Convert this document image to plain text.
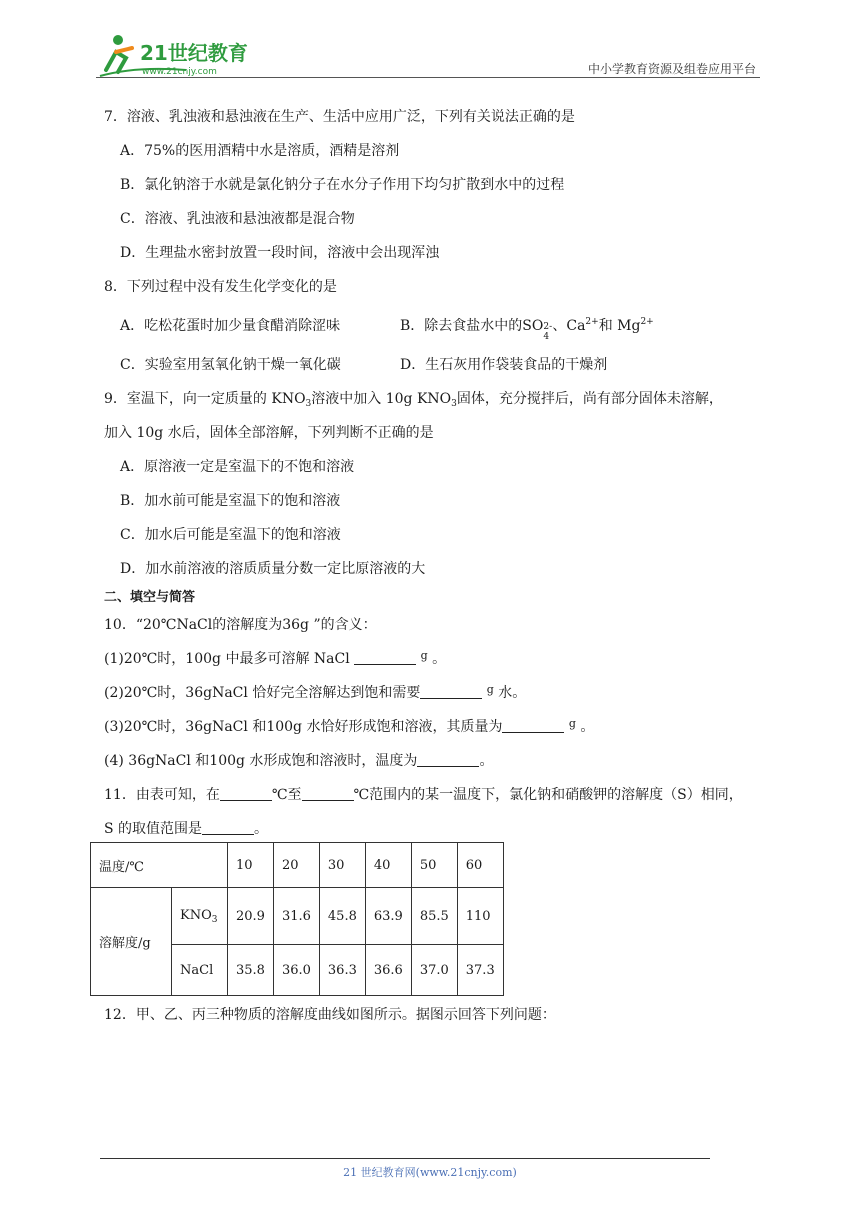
21世纪教育
www.21cnjy.com	中小学教育资源及组卷应用平台
7．溶液、乳浊液和悬浊液在生产、生活中应用广泛，下列有关说法正确的是
A．75%的医用酒精中水是溶质，酒精是溶剂
B．氯化钠溶于水就是氯化钠分子在水分子作用下均匀扩散到水中的过程
C．溶液、乳浊液和悬浊液都是混合物
D．生理盐水密封放置一段时间，溶液中会出现浑浊
8．下列过程中没有发生化学变化的是
A．吃松花蛋时加少量食醋消除涩味	B．除去食盐水中的SO 2-
4
、$Ca^{2+}$和 $Mg^{2+}$
C．实验室用氢氧化钠干燥一氧化碳	D．生石灰用作袋装食品的干燥剂
9．室温下，向一定质量的 $KNO_3$溶液中加入 10g $KNO_3$固体，充分搅拌后，尚有部分固体未溶解，
加入 10g 水后，固体全部溶解，下列判断不正确的是
A．原溶液一定是室温下的不饱和溶液
B．加水前可能是室温下的饱和溶液
C．加水后可能是室温下的饱和溶液
D．加水前溶液的溶质质量分数一定比原溶液的大
二、填空与简答
10．“20℃NaCl的溶解度为36g ”的含义：
(1)20℃时，100g 中最多可溶解 NaCl	$^g$ 。
(2)20℃时，36gNaCl 恰好完全溶解达到饱和需要	$^g$ 水。
(3)20℃时，36gNaCl 和100g 水恰好形成饱和溶液，其质量为	$^g$ 。
(4) 36gNaCl 和100g 水形成饱和溶液时，温度为	。
11．由表可知，在	℃至	℃范围内的某一温度下，氯化钠和硝酸钾的溶解度（S）相同，
S 的取值范围是	。
温度/℃		10	20	30	40	50	60
溶解度/g	$KNO_3$	20.9	31.6	45.8	63.9	85.5	110
	NaCl	35.8	36.0	36.3	36.6	37.0	37.3
12．甲、乙、丙三种物质的溶解度曲线如图所示。据图示回答下列问题：
21 世纪教育网(www.21cnjy.com)
